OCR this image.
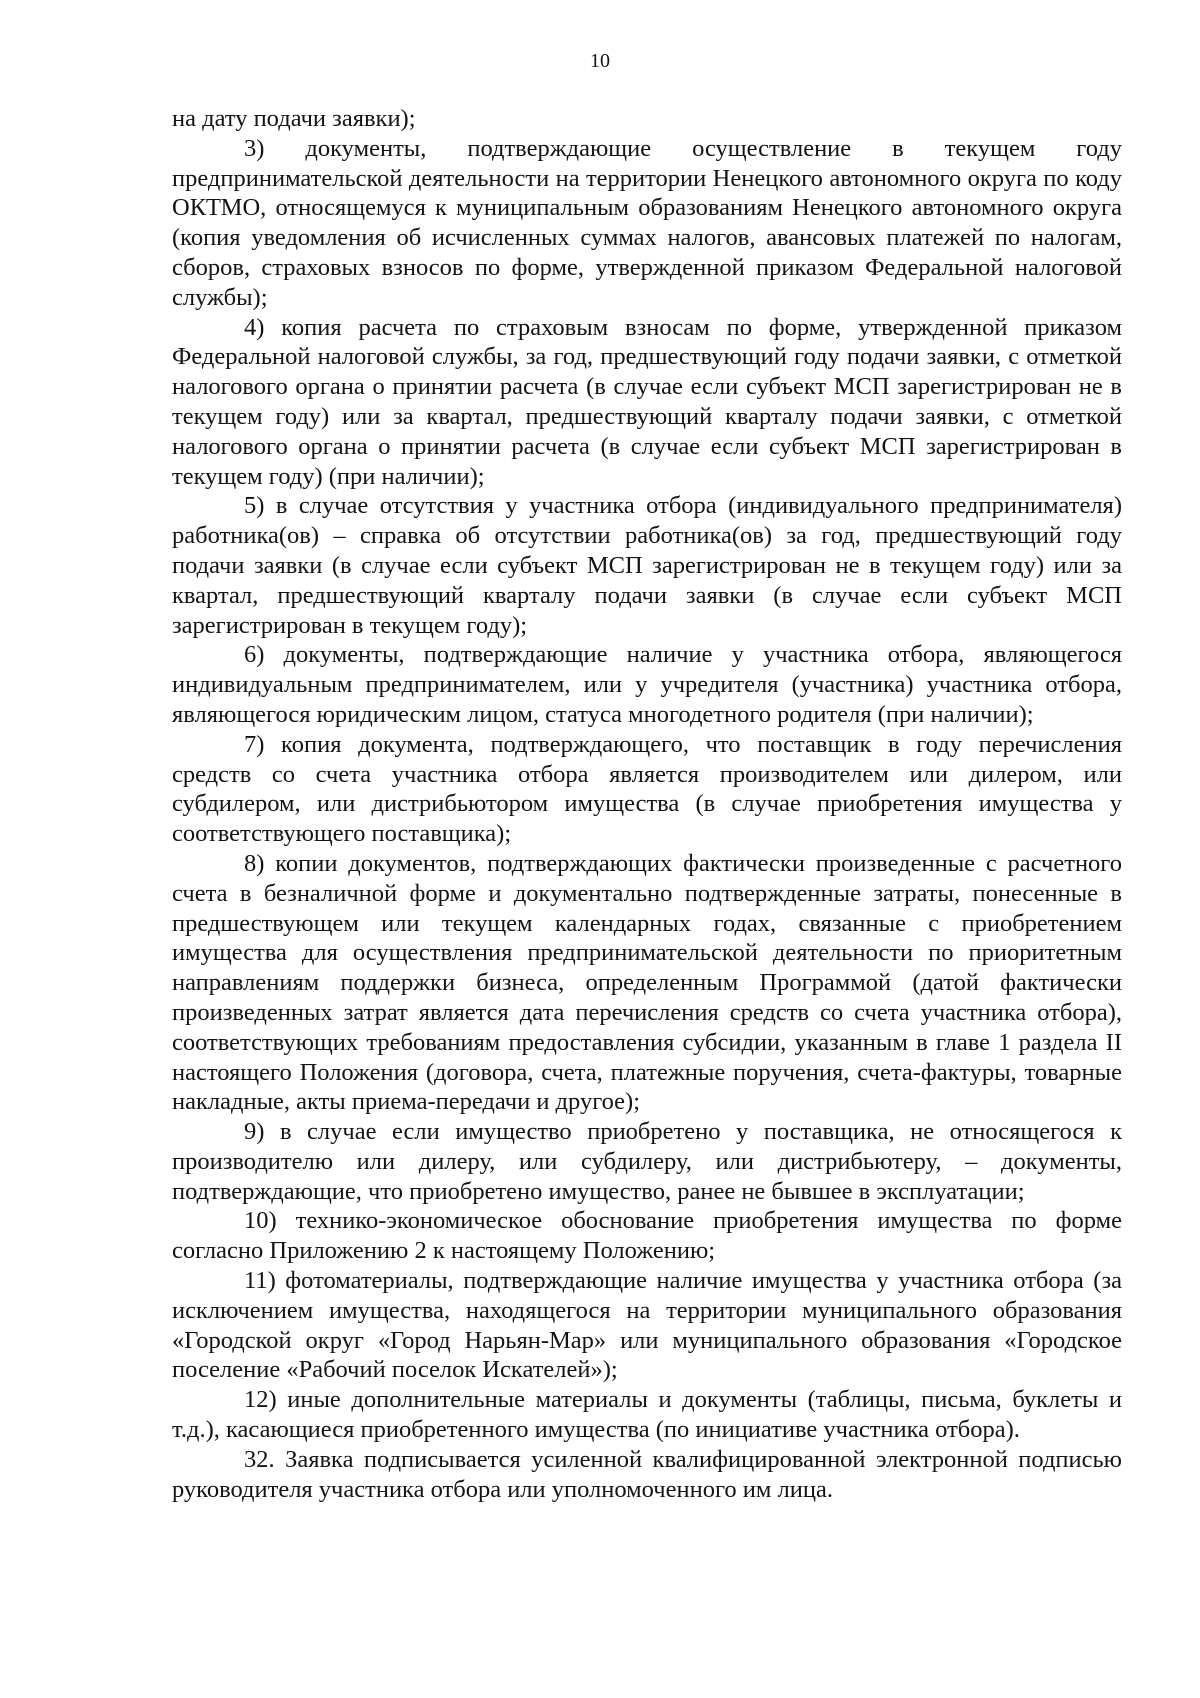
10

на дату подачи заявки);

3) документы, подтверждающие осуществление в текущем году предпринимательской деятельности на территории Ненецкого автономного округа по коду ОКТМО, относящемуся к муниципальным образованиям Ненецкого автономного округа (копия уведомления об исчисленных суммах налогов, авансовых платежей по налогам, сборов, страховых взносов по форме, утвержденной приказом Федеральной налоговой службы);

4) копия расчета по страховым взносам по форме, утвержденной приказом Федеральной налоговой службы, за год, предшествующий году подачи заявки, с отметкой налогового органа о принятии расчета (в случае если субъект МСП зарегистрирован не в текущем году) или за квартал, предшествующий кварталу подачи заявки, с отметкой налогового органа о принятии расчета (в случае если субъект МСП зарегистрирован в текущем году) (при наличии);

5) в случае отсутствия у участника отбора (индивидуального предпринимателя) работника(ов) – справка об отсутствии работника(ов) за год, предшествующий году подачи заявки (в случае если субъект МСП зарегистрирован не в текущем году) или за квартал, предшествующий кварталу подачи заявки (в случае если субъект МСП зарегистрирован в текущем году);

6) документы, подтверждающие наличие у участника отбора, являющегося индивидуальным предпринимателем, или у учредителя (участника) участника отбора, являющегося юридическим лицом, статуса многодетного родителя (при наличии);

7) копия документа, подтверждающего, что поставщик в году перечисления средств со счета участника отбора является производителем или дилером, или субдилером, или дистрибьютором имущества (в случае приобретения имущества у соответствующего поставщика);

8) копии документов, подтверждающих фактически произведенные с расчетного счета в безналичной форме и документально подтвержденные затраты, понесенные в предшествующем или текущем календарных годах, связанные с приобретением имущества для осуществления предпринимательской деятельности по приоритетным направлениям поддержки бизнеса, определенным Программой (датой фактически произведенных затрат является дата перечисления средств со счета участника отбора), соответствующих требованиям предоставления субсидии, указанным в главе 1 раздела II настоящего Положения (договора, счета, платежные поручения, счета-фактуры, товарные накладные, акты приема-передачи и другое);

9) в случае если имущество приобретено у поставщика, не относящегося к производителю или дилеру, или субдилеру, или дистрибьютеру, – документы, подтверждающие, что приобретено имущество, ранее не бывшее в эксплуатации;

10) технико-экономическое обоснование приобретения имущества по форме согласно Приложению 2 к настоящему Положению;

11) фотоматериалы, подтверждающие наличие имущества у участника отбора (за исключением имущества, находящегося на территории муниципального образования «Городской округ «Город Нарьян-Мар» или муниципального образования «Городское поселение «Рабочий поселок Искателей»);

12) иные дополнительные материалы и документы (таблицы, письма, буклеты и т.д.), касающиеся приобретенного имущества (по инициативе участника отбора).

32. Заявка подписывается усиленной квалифицированной электронной подписью руководителя участника отбора или уполномоченного им лица.
